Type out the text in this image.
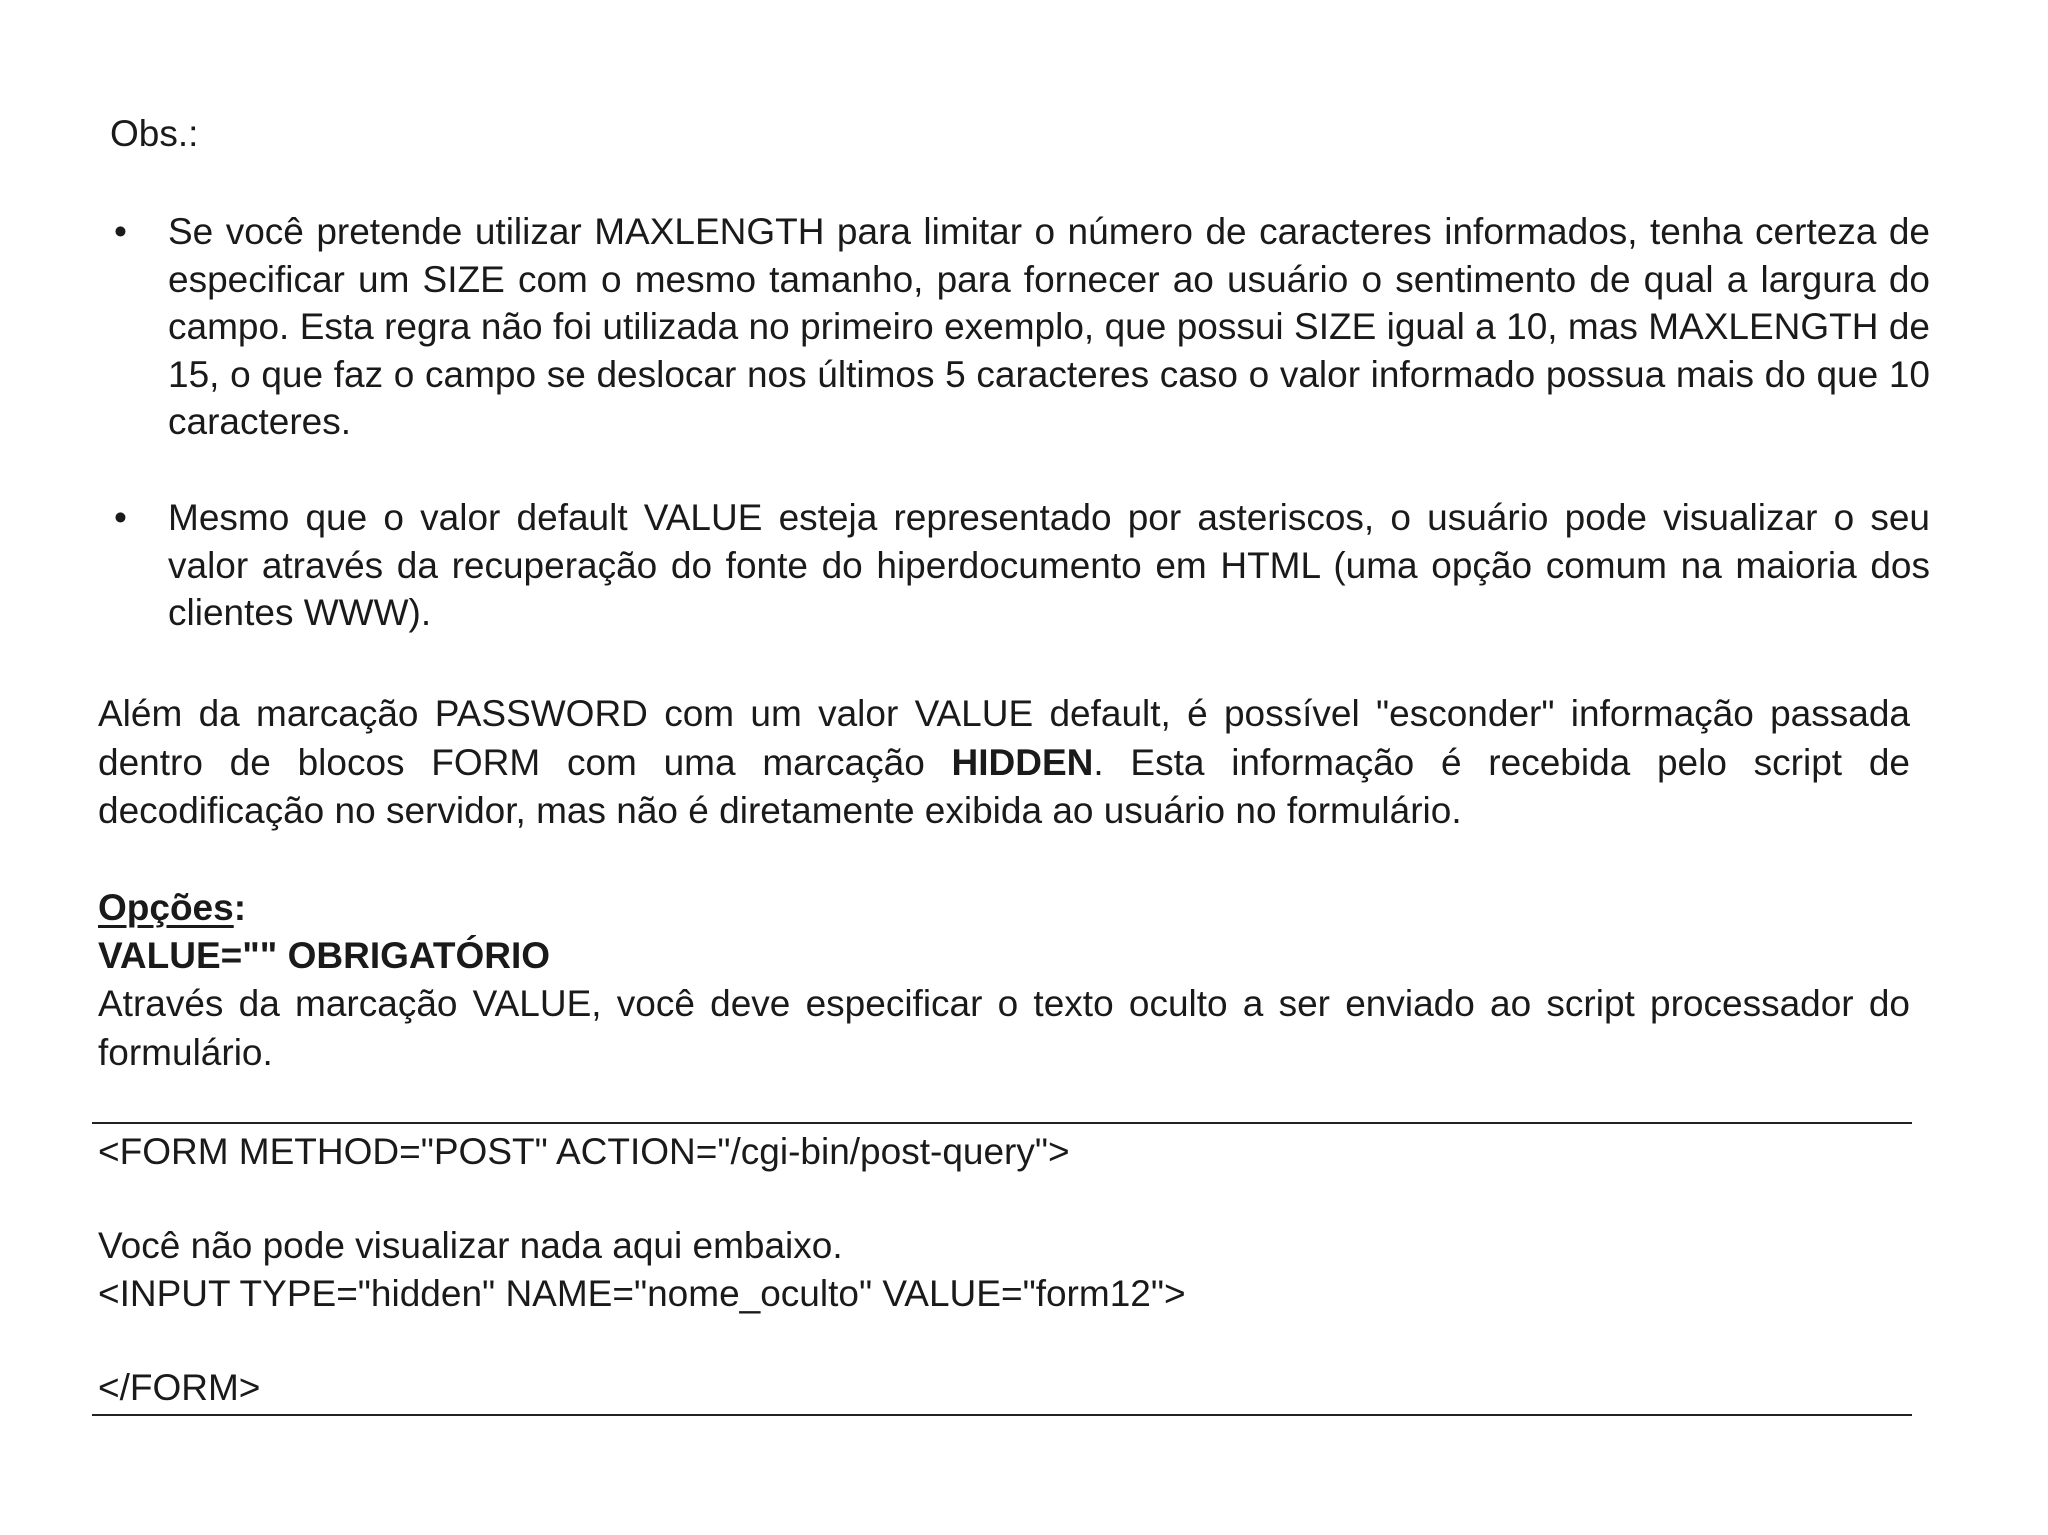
Obs.:
• Se você pretende utilizar MAXLENGTH para limitar o número de caracteres informados, tenha certeza de especificar um SIZE com o mesmo tamanho, para fornecer ao usuário o sentimento de qual a largura do campo. Esta regra não foi utilizada no primeiro exemplo, que possui SIZE igual a 10, mas MAXLENGTH de 15, o que faz o campo se deslocar nos últimos 5 caracteres caso o valor informado possua mais do que 10 caracteres.
• Mesmo que o valor default VALUE esteja representado por asteriscos, o usuário pode visualizar o seu valor através da recuperação do fonte do hiperdocumento em HTML (uma opção comum na maioria dos clientes WWW).
Além da marcação PASSWORD com um valor VALUE default, é possível "esconder" informação passada dentro de blocos FORM com uma marcação HIDDEN. Esta informação é recebida pelo script de decodificação no servidor, mas não é diretamente exibida ao usuário no formulário.
Opções:
VALUE="" OBRIGATÓRIO
Através da marcação VALUE, você deve especificar o texto oculto a ser enviado ao script processador do formulário.
<FORM METHOD="POST" ACTION="/cgi-bin/post-query">
Você não pode visualizar nada aqui embaixo.
<INPUT TYPE="hidden" NAME="nome_oculto" VALUE="form12">
</FORM>
